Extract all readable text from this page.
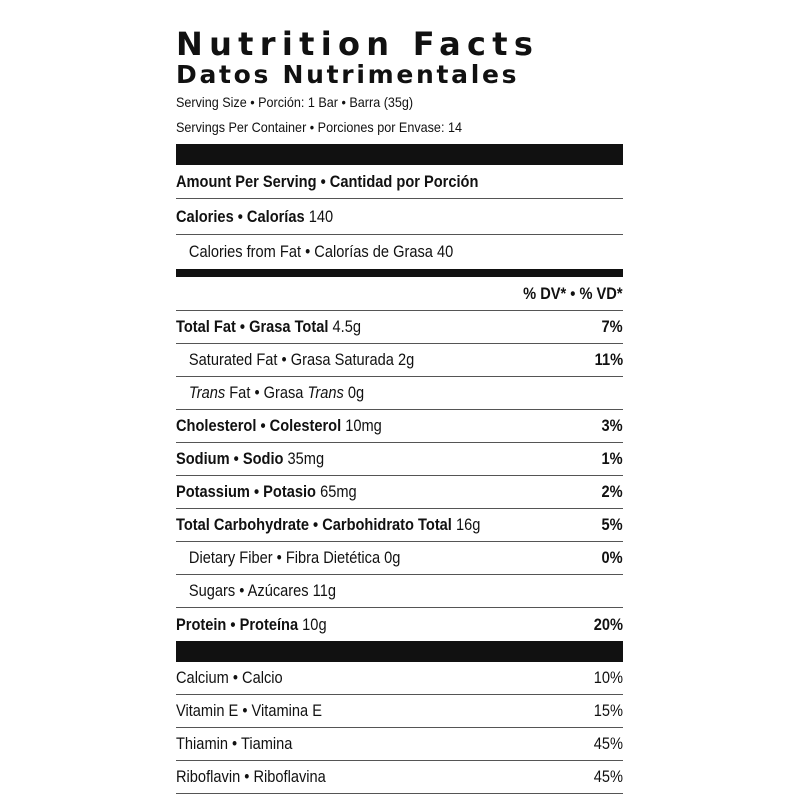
Nutrition Facts
Datos Nutrimentales
Serving Size • Porción: 1 Bar • Barra (35g)
Servings Per Container • Porciones por Envase: 14
Amount Per Serving • Cantidad por Porción
Calories • Calorías 140
Calories from Fat • Calorías de Grasa 40
% DV* • % VD*
Total Fat • Grasa Total 4.5g	7%
Saturated Fat • Grasa Saturada 2g	11%
Trans Fat • Grasa Trans 0g
Cholesterol • Colesterol 10mg	3%
Sodium • Sodio 35mg	1%
Potassium • Potasio 65mg	2%
Total Carbohydrate • Carbohidrato Total 16g	5%
Dietary Fiber • Fibra Dietética 0g	0%
Sugars • Azúcares 11g
Protein • Proteína 10g	20%
Calcium • Calcio	10%
Vitamin E • Vitamina E	15%
Thiamin • Tiamina	45%
Riboflavin • Riboflavina	45%
